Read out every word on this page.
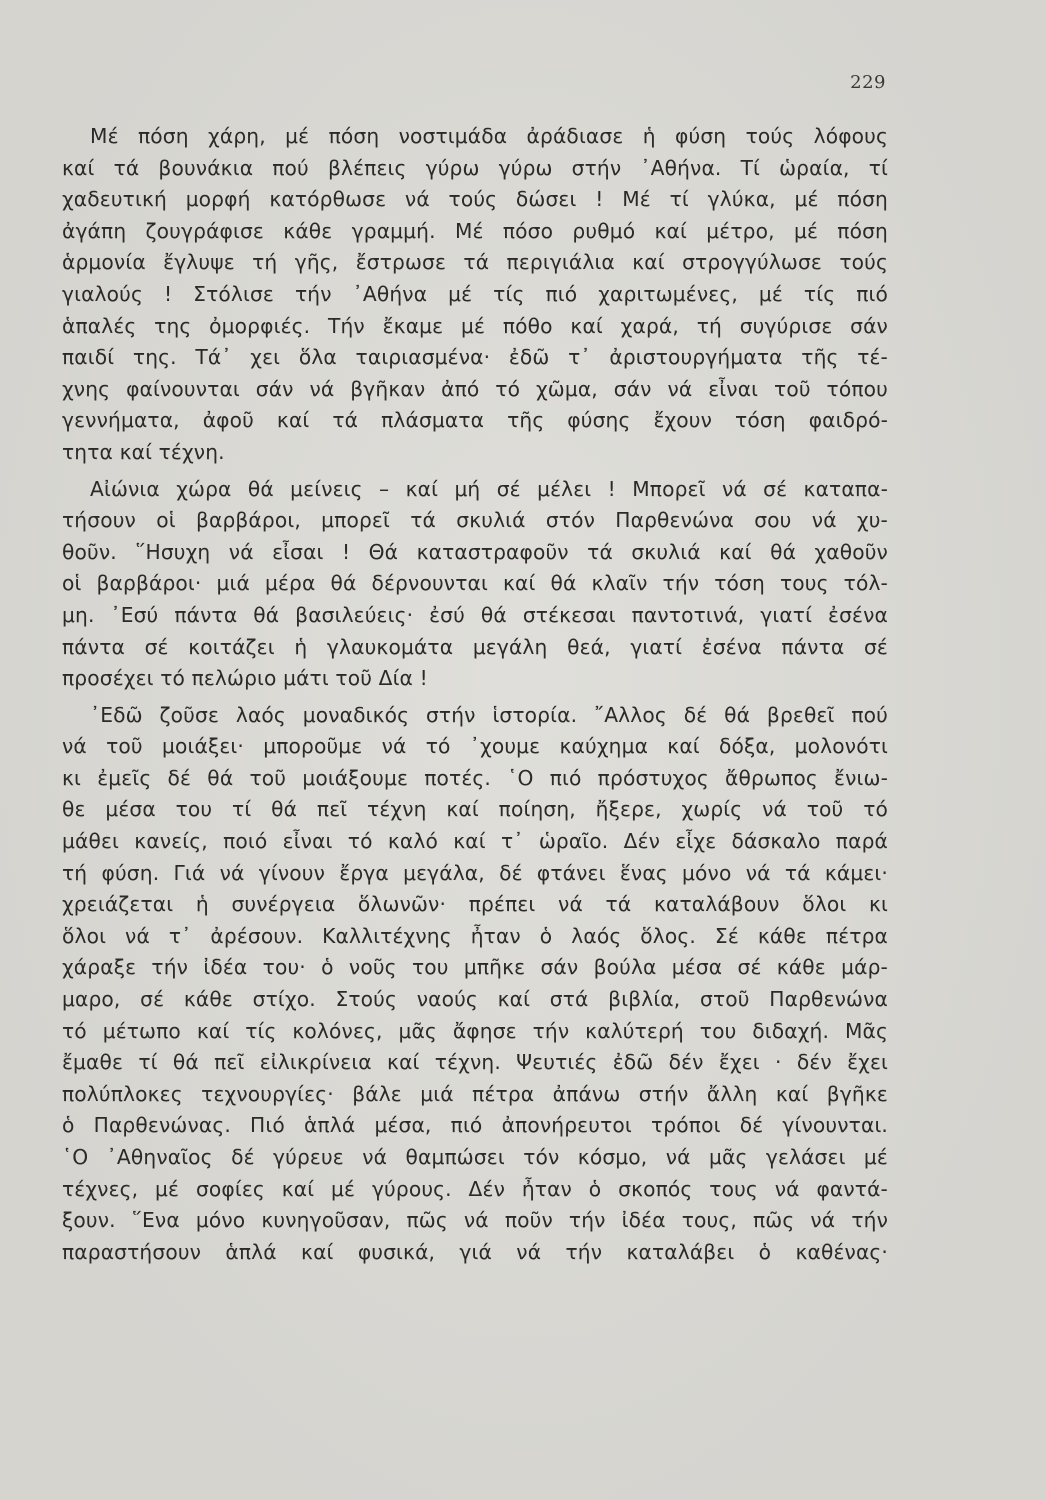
229
Μέ πόση χάρη, μέ πόση νοστιμάδα ἀράδιασε ἡ φύση τούς λόφους
καί τά βουνάκια πού βλέπεις γύρω γύρω στήν ᾿Αθήνα. Τί ὡραία, τί
χαδευτική μορφή κατόρθωσε νά τούς δώσει ! Μέ τί γλύκα, μέ πόση
ἀγάπη ζουγράφισε κάθε γραμμή. Μέ πόσο ρυθμό καί μέτρο, μέ πόση
ἁρμονία ἔγλυψε τή γῆς, ἔστρωσε τά περιγιάλια καί στρογγύλωσε τούς
γιαλούς ! Στόλισε τήν ᾿Αθήνα μέ τίς πιό χαριτωμένες, μέ τίς πιό
ἁπαλές της ὀμορφιές. Τήν ἔκαμε μέ πόθο καί χαρά, τή συγύρισε σάν
παιδί της. Τά᾿ χει ὅλα ταιριασμένα· ἐδῶ τ᾿ ἀριστουργήματα τῆς τέ-
χνης φαίνουνται σάν νά βγῆκαν ἀπό τό χῶμα, σάν νά εἶναι τοῦ τόπου
γεννήματα, ἀφοῦ καί τά πλάσματα τῆς φύσης ἔχουν τόση φαιδρό-
τητα καί τέχνη.
Αἰώνια χώρα θά μείνεις – καί μή σέ μέλει ! Μπορεῖ νά σέ καταπα-
τήσουν οἱ βαρβάροι, μπορεῖ τά σκυλιά στόν Παρθενώνα σου νά χυ-
θοῦν. ῞Ησυχη νά εἶσαι ! Θά καταστραφοῦν τά σκυλιά καί θά χαθοῦν
οἱ βαρβάροι· μιά μέρα θά δέρνουνται καί θά κλαῖν τήν τόση τους τόλ-
μη. ᾿Εσύ πάντα θά βασιλεύεις· ἐσύ θά στέκεσαι παντοτινά, γιατί ἐσένα
πάντα σέ κοιτάζει ἡ γλαυκομάτα μεγάλη θεά, γιατί ἐσένα πάντα σέ
προσέχει τό πελώριο μάτι τοῦ Δία !
᾿Εδῶ ζοῦσε λαός μοναδικός στήν ἱστορία. ῎Αλλος δέ θά βρεθεῖ πού
νά τοῦ μοιάξει· μποροῦμε νά τό ᾿χουμε καύχημα καί δόξα, μολονότι
κι ἐμεῖς δέ θά τοῦ μοιάξουμε ποτές. ῾Ο πιό πρόστυχος ἄθρωπος ἔνιω-
θε μέσα του τί θά πεῖ τέχνη καί ποίηση, ἤξερε, χωρίς νά τοῦ τό
μάθει κανείς, ποιό εἶναι τό καλό καί τ᾿ ὡραῖο. Δέν εἶχε δάσκαλο παρά
τή φύση. Γιά νά γίνουν ἔργα μεγάλα, δέ φτάνει ἕνας μόνο νά τά κάμει·
χρειάζεται ἡ συνέργεια ὅλωνῶν· πρέπει νά τά καταλάβουν ὅλοι κι
ὅλοι νά τ᾿ ἀρέσουν. Καλλιτέχνης ἦταν ὁ λαός ὅλος. Σέ κάθε πέτρα
χάραξε τήν ἰδέα του· ὁ νοῦς του μπῆκε σάν βούλα μέσα σέ κάθε μάρ-
μαρο, σέ κάθε στίχο. Στούς ναούς καί στά βιβλία, στοῦ Παρθενώνα
τό μέτωπο καί τίς κολόνες, μᾶς ἄφησε τήν καλύτερή του διδαχή. Μᾶς
ἔμαθε τί θά πεῖ εἰλικρίνεια καί τέχνη. Ψευτιές ἐδῶ δέν ἔχει · δέν ἔχει
πολύπλοκες τεχνουργίες· βάλε μιά πέτρα ἀπάνω στήν ἄλλη καί βγῆκε
ὁ Παρθενώνας. Πιό ἁπλά μέσα, πιό ἀπονήρευτοι τρόποι δέ γίνουνται.
῾Ο ᾿Αθηναῖος δέ γύρευε νά θαμπώσει τόν κόσμο, νά μᾶς γελάσει μέ
τέχνες, μέ σοφίες καί μέ γύρους. Δέν ἦταν ὁ σκοπός τους νά φαντά-
ξουν. ῞Ενα μόνο κυνηγοῦσαν, πῶς νά ποῦν τήν ἰδέα τους, πῶς νά τήν
παραστήσουν ἁπλά καί φυσικά, γιά νά τήν καταλάβει ὁ καθένας·
